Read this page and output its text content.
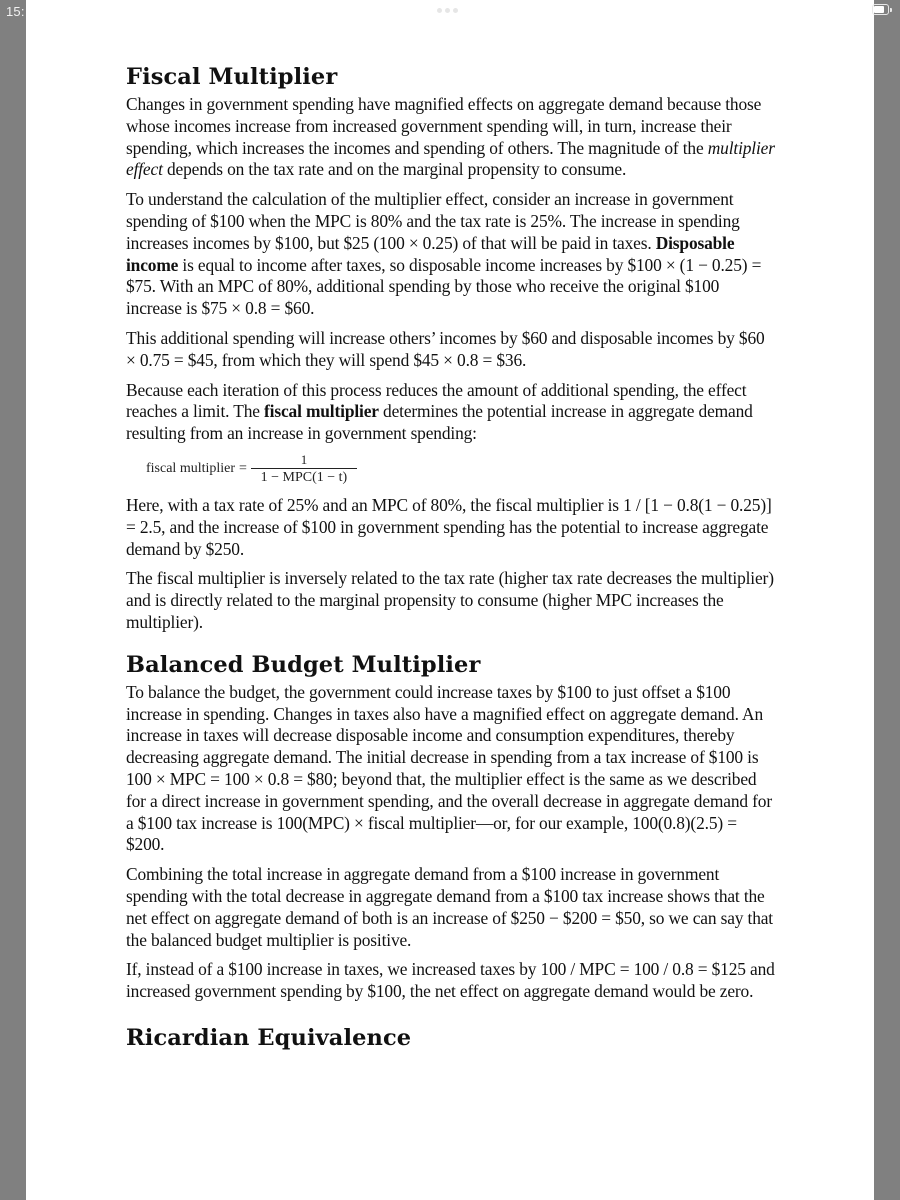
15:
Fiscal Multiplier

Changes in government spending have magnified effects on aggregate demand because those whose incomes increase from increased government spending will, in turn, increase their spending, which increases the incomes and spending of others. The magnitude of the multiplier effect depends on the tax rate and on the marginal propensity to consume.

To understand the calculation of the multiplier effect, consider an increase in government spending of $100 when the MPC is 80% and the tax rate is 25%. The increase in spending increases incomes by $100, but $25 (100 × 0.25) of that will be paid in taxes. Disposable income is equal to income after taxes, so disposable income increases by $100 × (1 − 0.25) = $75. With an MPC of 80%, additional spending by those who receive the original $100 increase is $75 × 0.8 = $60.

This additional spending will increase others’ incomes by $60 and disposable incomes by $60 × 0.75 = $45, from which they will spend $45 × 0.8 = $36.

Because each iteration of this process reduces the amount of additional spending, the effect reaches a limit. The fiscal multiplier determines the potential increase in aggregate demand resulting from an increase in government spending:

fiscal multiplier = $\frac{1}{\text{1 − MPC(1 − t)}}$

Here, with a tax rate of 25% and an MPC of 80%, the fiscal multiplier is 1 / [1 − 0.8(1 − 0.25)] = 2.5, and the increase of $100 in government spending has the potential to increase aggregate demand by $250.

The fiscal multiplier is inversely related to the tax rate (higher tax rate decreases the multiplier) and is directly related to the marginal propensity to consume (higher MPC increases the multiplier).

Balanced Budget Multiplier

To balance the budget, the government could increase taxes by $100 to just offset a $100 increase in spending. Changes in taxes also have a magnified effect on aggregate demand. An increase in taxes will decrease disposable income and consumption expenditures, thereby decreasing aggregate demand. The initial decrease in spending from a tax increase of $100 is 100 × MPC = 100 × 0.8 = $80; beyond that, the multiplier effect is the same as we described for a direct increase in government spending, and the overall decrease in aggregate demand for a $100 tax increase is 100(MPC) × fiscal multiplier—or, for our example, 100(0.8)(2.5) = $200.

Combining the total increase in aggregate demand from a $100 increase in government spending with the total decrease in aggregate demand from a $100 tax increase shows that the net effect on aggregate demand of both is an increase of $250 − $200 = $50, so we can say that the balanced budget multiplier is positive.

If, instead of a $100 increase in taxes, we increased taxes by 100 / MPC = 100 / 0.8 = $125 and increased government spending by $100, the net effect on aggregate demand would be zero.

Ricardian Equivalence
